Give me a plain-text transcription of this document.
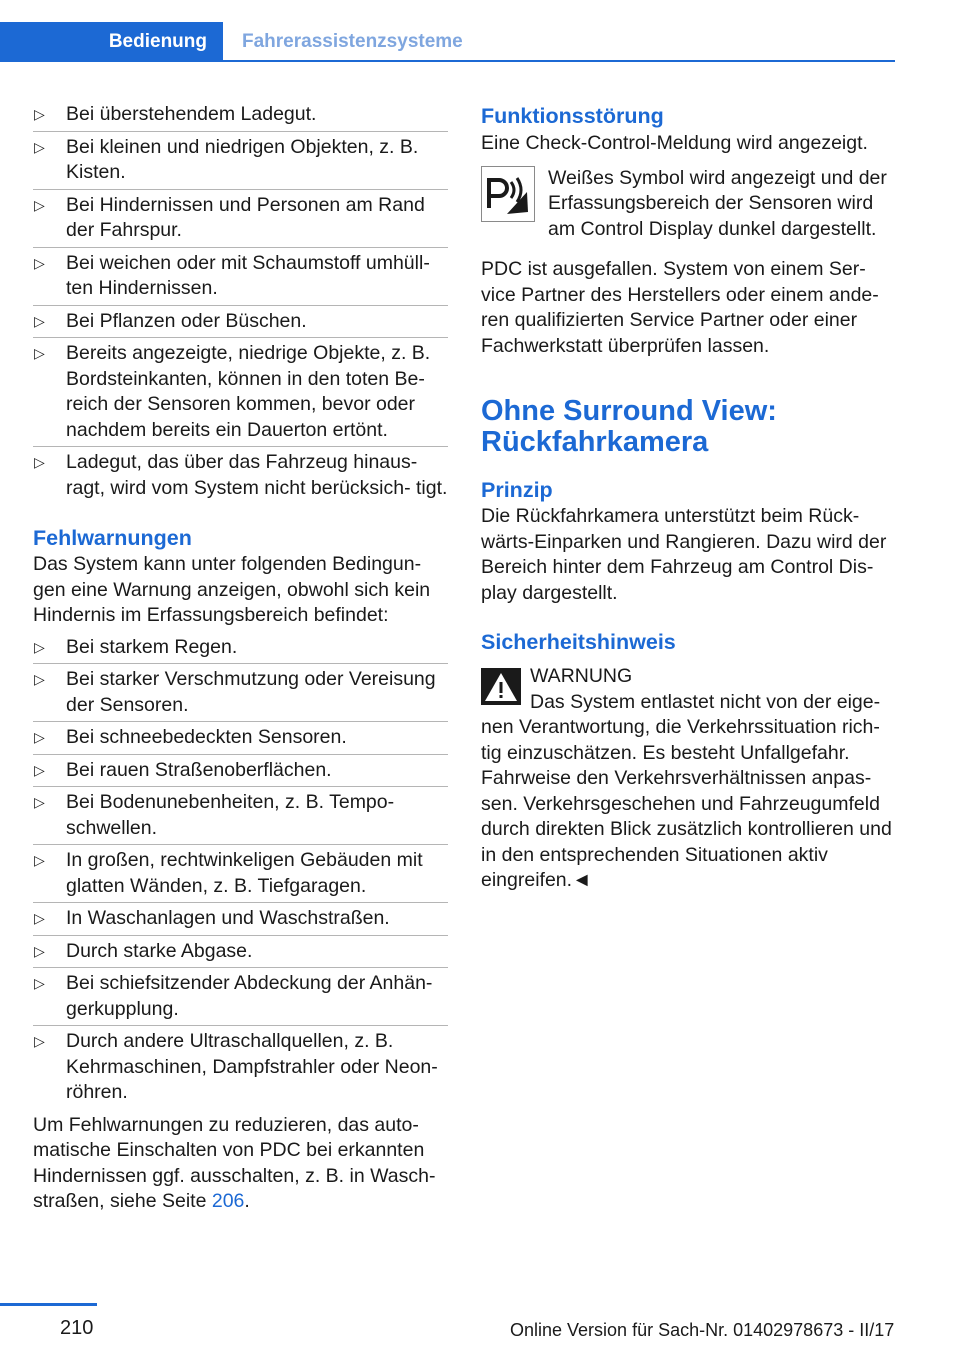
Bedienung	Fahrerassistenzsysteme
▷ Bei überstehendem Ladegut.
▷ Bei kleinen und niedrigen Objekten, z. B. Kisten.
▷ Bei Hindernissen und Personen am Rand der Fahrspur.
▷ Bei weichen oder mit Schaumstoff umhüll‐ ten Hindernissen.
▷ Bei Pflanzen oder Büschen.
▷ Bereits angezeigte, niedrige Objekte, z. B. Bordsteinkanten, können in den toten Be‐ reich der Sensoren kommen, bevor oder nachdem bereits ein Dauerton ertönt.
▷ Ladegut, das über das Fahrzeug hinaus‐ ragt, wird vom System nicht berücksich‐ tigt.
Fehlwarnungen

Das System kann unter folgenden Bedingun‐ gen eine Warnung anzeigen, obwohl sich kein Hindernis im Erfassungsbereich befindet:

▷ Bei starkem Regen.
▷ Bei starker Verschmutzung oder Vereisung der Sensoren.
▷ Bei schneebedeckten Sensoren.
▷ Bei rauen Straßenoberflächen.
▷ Bei Bodenunebenheiten, z. B. Tempo‐ schwellen.
▷ In großen, rechtwinkeligen Gebäuden mit glatten Wänden, z. B. Tiefgaragen.
▷ In Waschanlagen und Waschstraßen.
▷ Durch starke Abgase.
▷ Bei schiefsitzender Abdeckung der Anhän‐ gerkupplung.
▷ Durch andere Ultraschallquellen, z. B. Kehrmaschinen, Dampfstrahler oder Neon‐ röhren.

Um Fehlwarnungen zu reduzieren, das auto‐ matische Einschalten von PDC bei erkannten Hindernissen ggf. ausschalten, z. B. in Wasch‐ straßen, siehe Seite 206.

Funktionsstörung

Eine Check-Control-Meldung wird angezeigt.

Weißes Symbol wird angezeigt und der Erfassungsbereich der Sensoren wird am Control Display dunkel dargestellt.

PDC ist ausgefallen. System von einem Ser‐ vice Partner des Herstellers oder einem ande‐ ren qualifizierten Service Partner oder einer Fachwerkstatt überprüfen lassen.

Ohne Surround View: Rückfahrkamera
Prinzip

Die Rückfahrkamera unterstützt beim Rück‐ wärts-Einparken und Rangieren. Dazu wird der Bereich hinter dem Fahrzeug am Control Dis‐ play dargestellt.

Sicherheitshinweis

WARNUNG

Das System entlastet nicht von der eige‐

nen Verantwortung, die Verkehrssituation rich‐ tig einzuschätzen. Es besteht Unfallgefahr. Fahrweise den Verkehrsverhältnissen anpas‐ sen. Verkehrsgeschehen und Fahrzeugumfeld durch direkten Blick zusätzlich kontrollieren und in den entsprechenden Situationen aktiv eingreifen.◄

210	Online Version für Sach-Nr. 01402978673 - II/17
